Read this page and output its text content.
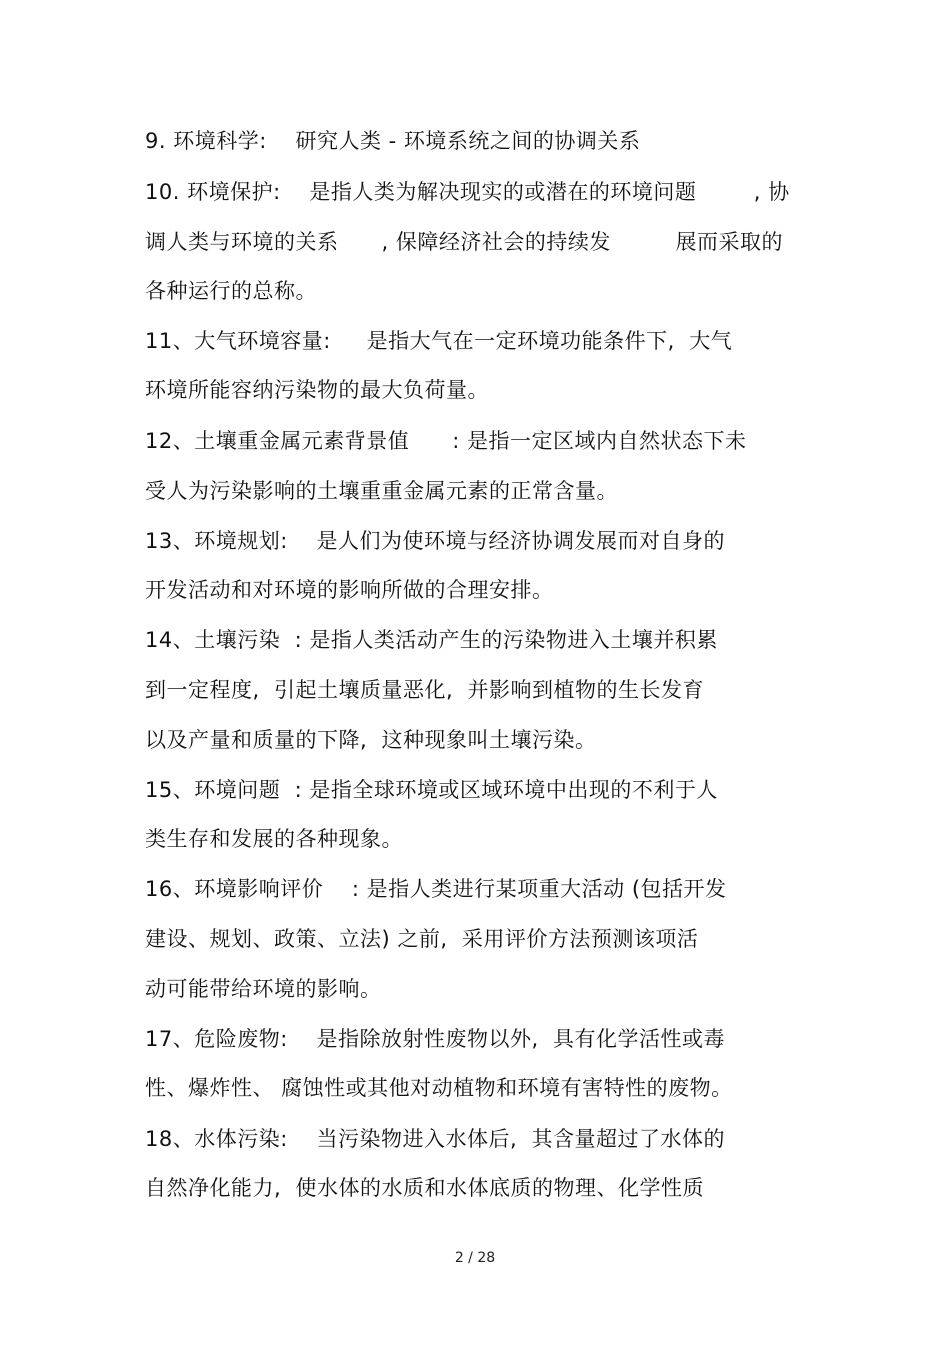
9. 环境科学:    研究人类 - 环境系统之间的协调关系
10. 环境保护:    是指人类为解决现实的或潜在的环境问题        , 协
调人类与环境的关系      , 保障经济社会的持续发         展而采取的
各种运行的总称。
11、大气环境容量:     是指大气在一定环境功能条件下,  大气
环境所能容纳污染物的最大负荷量。
12、土壤重金属元素背景值      : 是指一定区域内自然状态下未
受人为污染影响的土壤重重金属元素的正常含量。
13、环境规划:    是人们为使环境与经济协调发展而对自身的
开发活动和对环境的影响所做的合理安排。
14、土壤污染  : 是指人类活动产生的污染物进入土壤并积累
到一定程度,  引起土壤质量恶化,  并影响到植物的生长发育
以及产量和质量的下降,  这种现象叫土壤污染。
15、环境问题  : 是指全球环境或区域环境中出现的不利于人
类生存和发展的各种现象。
16、环境影响评价    : 是指人类进行某项重大活动 (包括开发
建设、规划、政策、立法) 之前,  采用评价方法预测该项活
动可能带给环境的影响。
17、危险废物:    是指除放射性废物以外,  具有化学活性或毒
性、爆炸性、 腐蚀性或其他对动植物和环境有害特性的废物。
18、水体污染:    当污染物进入水体后,  其含量超过了水体的
自然净化能力,  使水体的水质和水体底质的物理、化学性质
2 / 28
